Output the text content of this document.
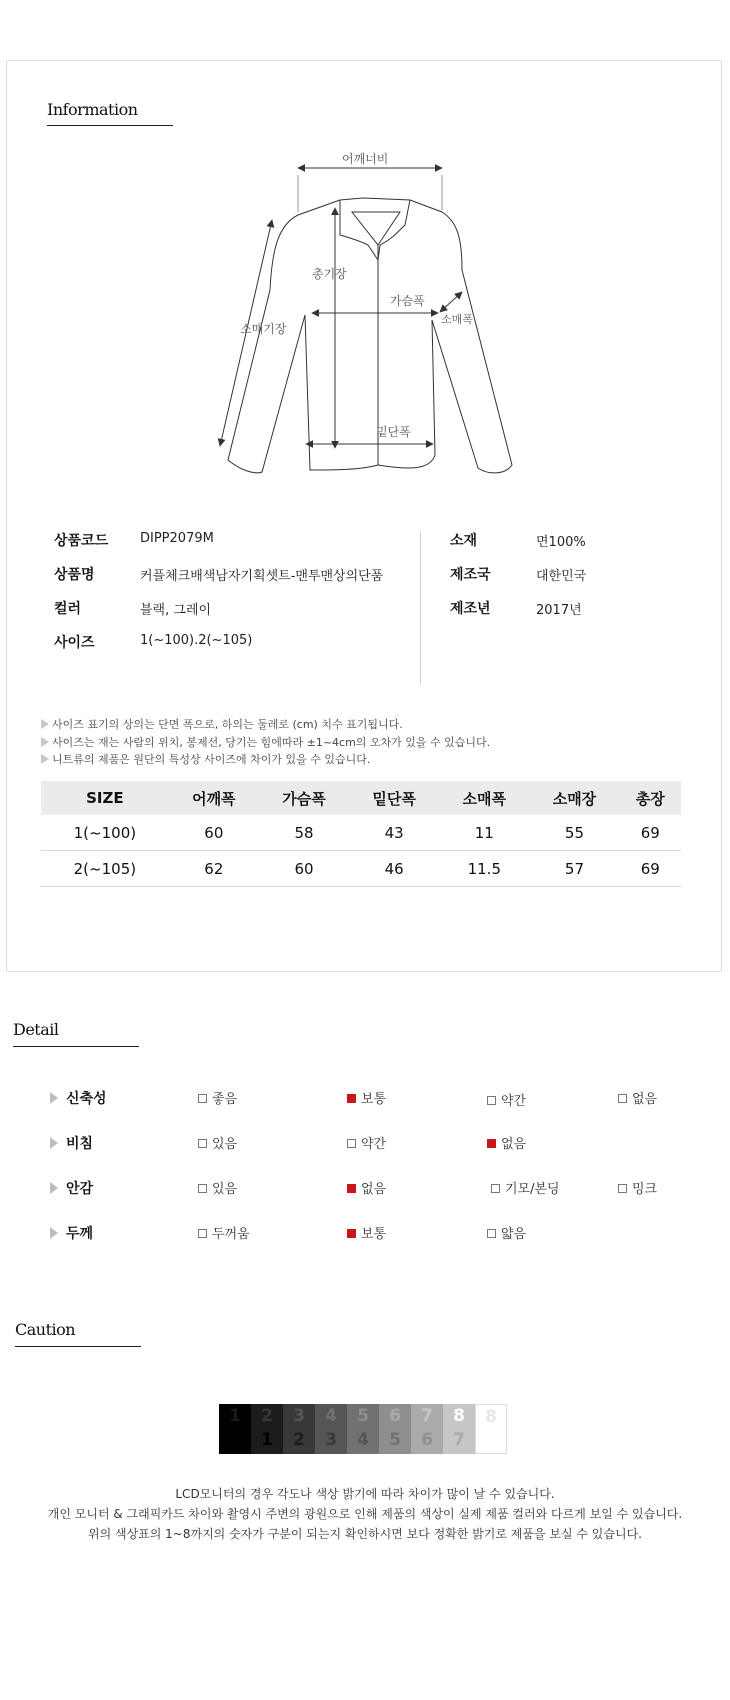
Information
어깨너비
총기장
가슴폭
소매폭
소매기장
밑단폭
상품코드 DIPP2079M
상품명	커플체크배색남자기획셋트-맨투맨상의단품
컬러	블랙, 그레이
사이즈	1(~100).2(~105)
소재	면100%
제조국	대한민국
제조년	2017년
사이즈 표기의 상의는 단면 폭으로, 하의는 둘레로 (cm) 치수 표기됩니다.
사이즈는 재는 사람의 위치, 봉제선, 당기는 힘에따라 ±1~4cm의 오차가 있을 수 있습니다.
니트류의 제품은 원단의 특성상 사이즈에 차이가 있을 수 있습니다.
SIZE	어깨폭	가슴폭	밑단폭	소매폭	소매장	총장
1(~100)	60	58	43	11	55	69
2(~105)	62	60	46	11.5	57	69
Detail
신축성	좋음	보통	약간	없음
비침	있음	약간	없음
안감	있음	없음	기모/본딩	밍크
두께	두꺼움	보통	얇음
Caution
1	2
1
3
2
4
3
5
4
6
5
7
6
8
7
8
LCD모니터의 경우 각도나 색상 밝기에 따라 차이가 많이 날 수 있습니다.
개인 모니터 & 그래픽카드 차이와 촬영시 주변의 광원으로 인해 제품의 색상이 실제 제품 컬러와 다르게 보일 수 있습니다.
위의 색상표의 1~8까지의 숫자가 구분이 되는지 확인하시면 보다 정확한 밝기로 제품을 보실 수 있습니다.
